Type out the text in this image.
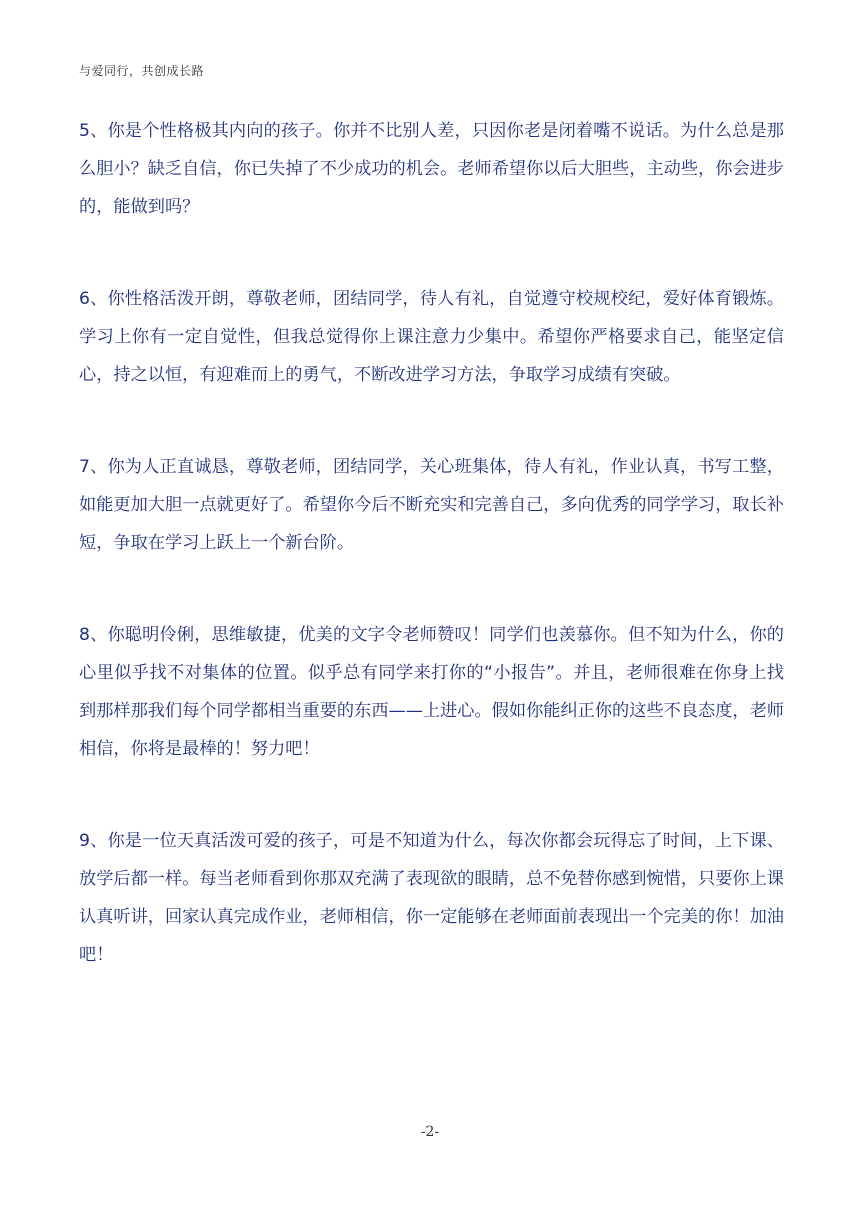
与爱同行，共创成长路

5、你是个性格极其内向的孩子。你并不比别人差，只因你老是闭着嘴不说话。为什么总是那么胆小？缺乏自信，你已失掉了不少成功的机会。老师希望你以后大胆些，主动些，你会进步的，能做到吗？

6、你性格活泼开朗，尊敬老师，团结同学，待人有礼，自觉遵守校规校纪，爱好体育锻炼。学习上你有一定自觉性，但我总觉得你上课注意力少集中。希望你严格要求自己，能坚定信心，持之以恒，有迎难而上的勇气，不断改进学习方法，争取学习成绩有突破。

7、你为人正直诚恳，尊敬老师，团结同学，关心班集体，待人有礼，作业认真，书写工整，如能更加大胆一点就更好了。希望你今后不断充实和完善自己，多向优秀的同学学习，取长补短，争取在学习上跃上一个新台阶。

8、你聪明伶俐，思维敏捷，优美的文字令老师赞叹！同学们也羡慕你。但不知为什么，你的心里似乎找不对集体的位置。似乎总有同学来打你的“小报告”。并且，老师很难在你身上找到那样那我们每个同学都相当重要的东西——上进心。假如你能纠正你的这些不良态度，老师相信，你将是最棒的！努力吧！

9、你是一位天真活泼可爱的孩子，可是不知道为什么，每次你都会玩得忘了时间，上下课、放学后都一样。每当老师看到你那双充满了表现欲的眼睛，总不免替你感到惋惜，只要你上课认真听讲，回家认真完成作业，老师相信，你一定能够在老师面前表现出一个完美的你！加油吧！

-2-
